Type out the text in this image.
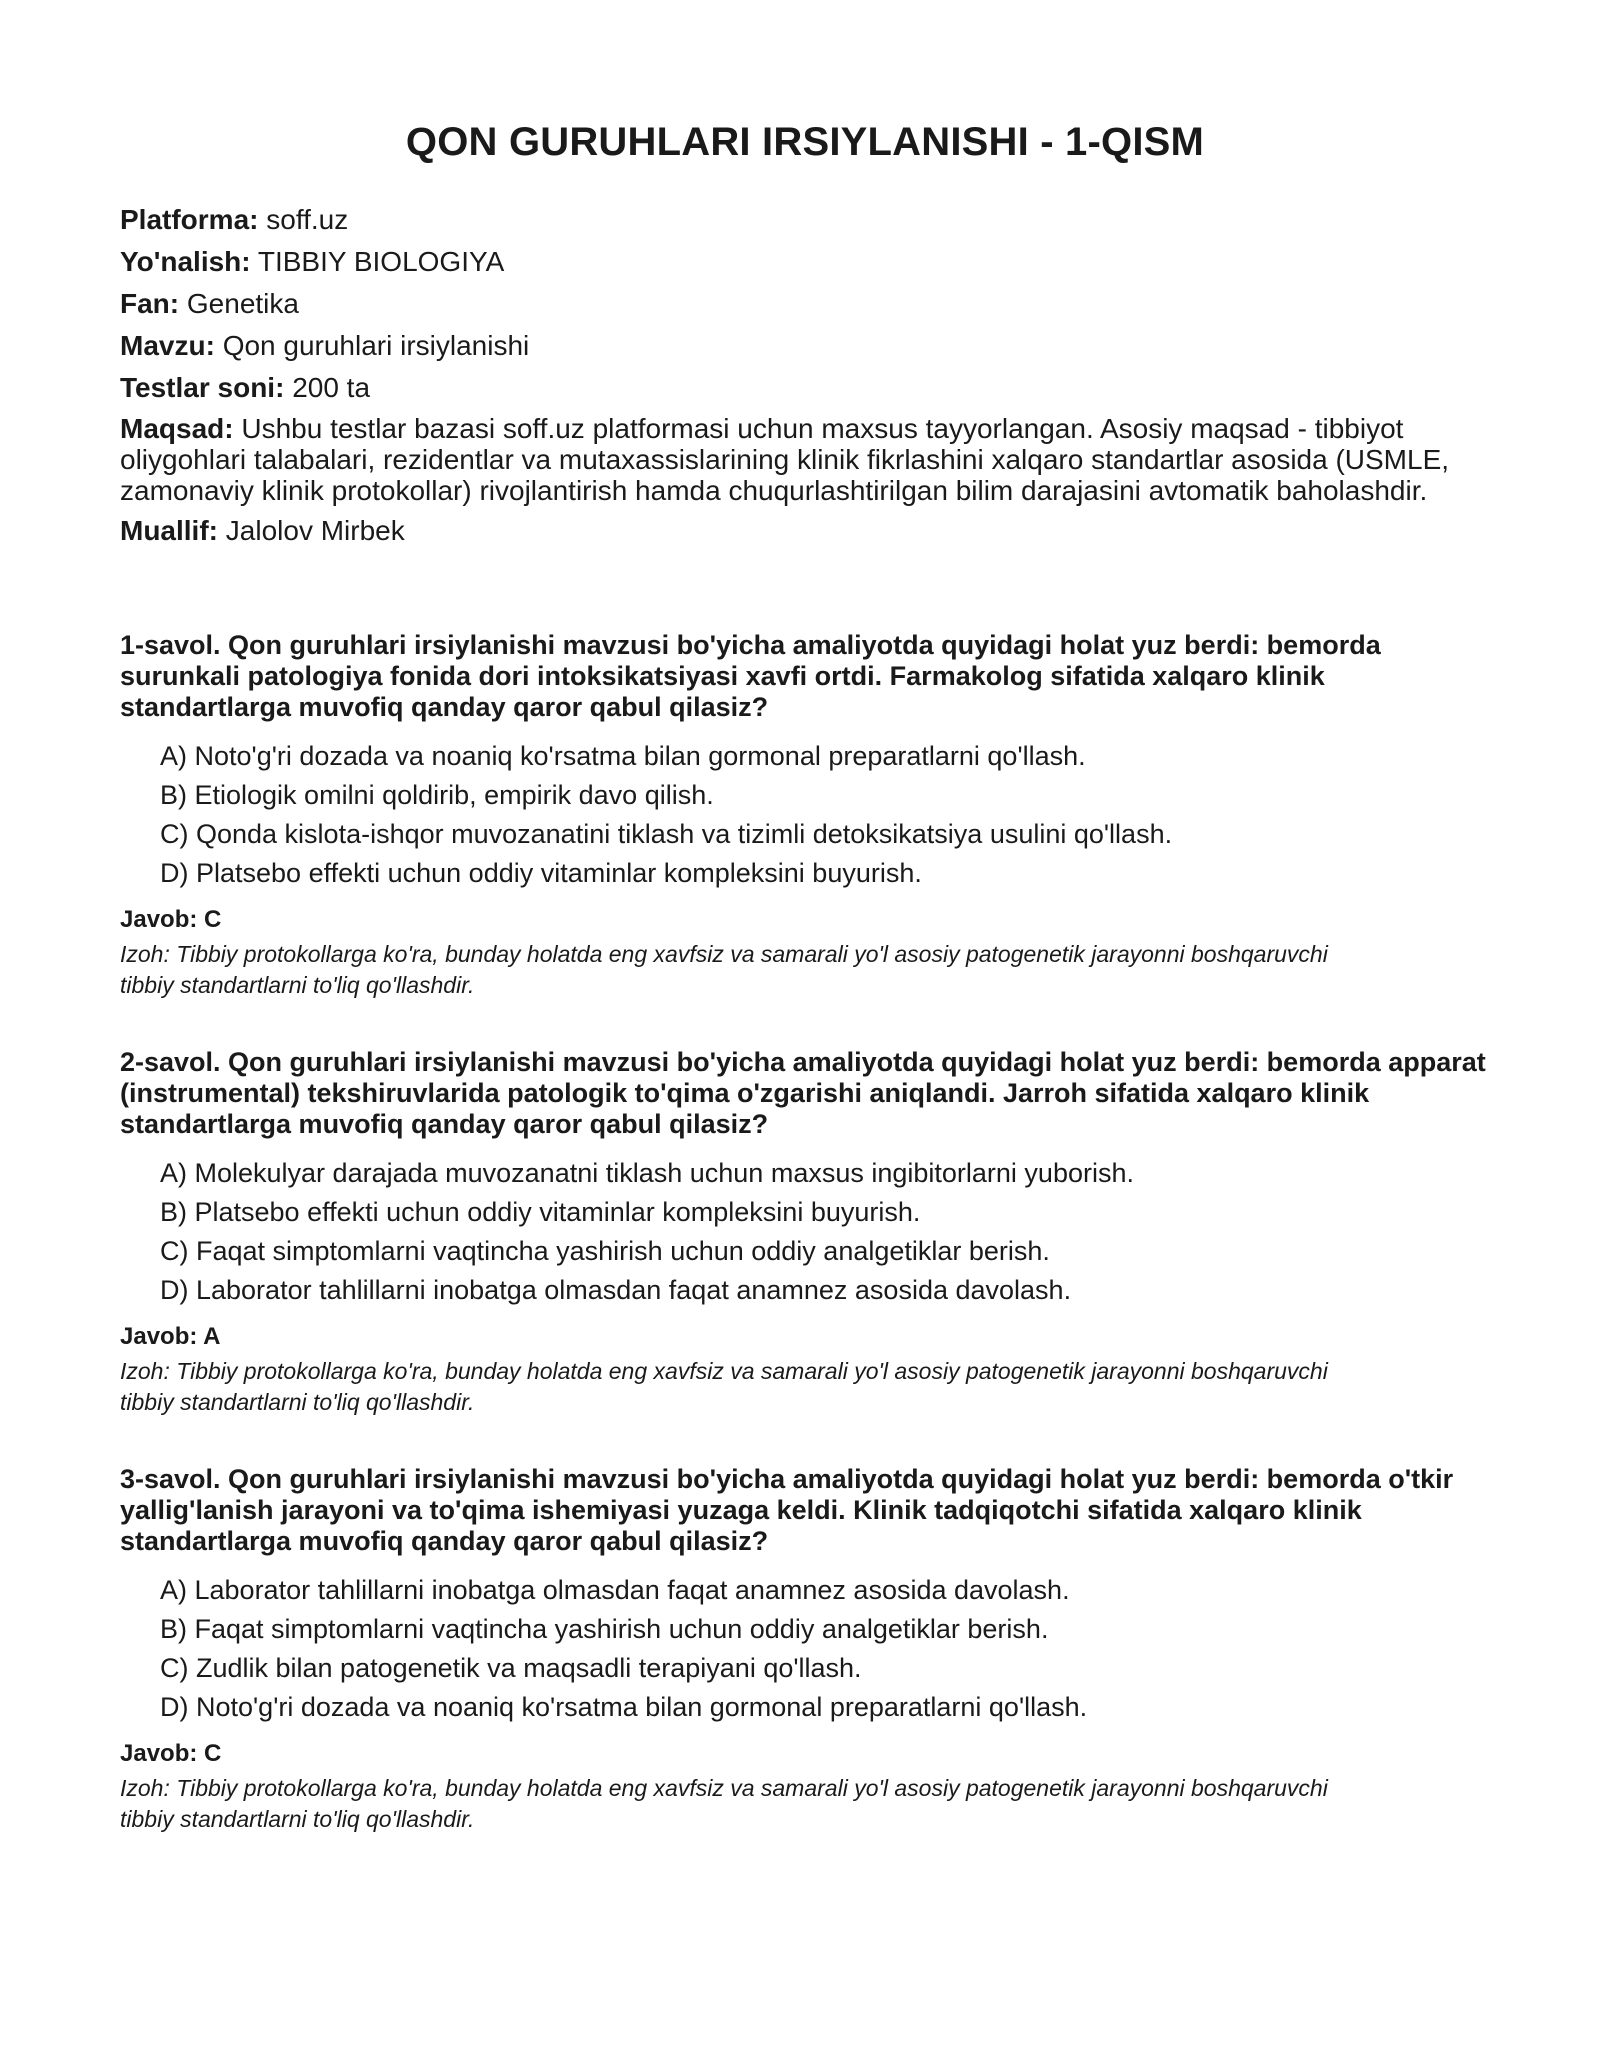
QON GURUHLARI IRSIYLANISHI - 1-QISM

Platforma: soff.uz

Yo'nalish: TIBBIY BIOLOGIYA

Fan: Genetika

Mavzu: Qon guruhlari irsiylanishi

Testlar soni: 200 ta

Maqsad: Ushbu testlar bazasi soff.uz platformasi uchun maxsus tayyorlangan. Asosiy maqsad - tibbiyot oliygohlari talabalari, rezidentlar va mutaxassislarining klinik fikrlashini xalqaro standartlar asosida (USMLE, zamonaviy klinik protokollar) rivojlantirish hamda chuqurlashtirilgan bilim darajasini avtomatik baholashdir.

Muallif: Jalolov Mirbek

1-savol. Qon guruhlari irsiylanishi mavzusi bo'yicha amaliyotda quyidagi holat yuz berdi: bemorda surunkali patologiya fonida dori intoksikatsiyasi xavfi ortdi. Farmakolog sifatida xalqaro klinik standartlarga muvofiq qanday qaror qabul qilasiz?

A) Noto'g'ri dozada va noaniq ko'rsatma bilan gormonal preparatlarni qo'llash.
B) Etiologik omilni qoldirib, empirik davo qilish.
C) Qonda kislota-ishqor muvozanatini tiklash va tizimli detoksikatsiya usulini qo'llash.
D) Platsebo effekti uchun oddiy vitaminlar kompleksini buyurish.

Javob: C

Izoh: Tibbiy protokollarga ko'ra, bunday holatda eng xavfsiz va samarali yo'l asosiy patogenetik jarayonni boshqaruvchi tibbiy standartlarni to'liq qo'llashdir.

2-savol. Qon guruhlari irsiylanishi mavzusi bo'yicha amaliyotda quyidagi holat yuz berdi: bemorda apparat (instrumental) tekshiruvlarida patologik to'qima o'zgarishi aniqlandi. Jarroh sifatida xalqaro klinik standartlarga muvofiq qanday qaror qabul qilasiz?

A) Molekulyar darajada muvozanatni tiklash uchun maxsus ingibitorlarni yuborish.
B) Platsebo effekti uchun oddiy vitaminlar kompleksini buyurish.
C) Faqat simptomlarni vaqtincha yashirish uchun oddiy analgetiklar berish.
D) Laborator tahlillarni inobatga olmasdan faqat anamnez asosida davolash.

Javob: A

Izoh: Tibbiy protokollarga ko'ra, bunday holatda eng xavfsiz va samarali yo'l asosiy patogenetik jarayonni boshqaruvchi tibbiy standartlarni to'liq qo'llashdir.

3-savol. Qon guruhlari irsiylanishi mavzusi bo'yicha amaliyotda quyidagi holat yuz berdi: bemorda o'tkir yallig'lanish jarayoni va to'qima ishemiyasi yuzaga keldi. Klinik tadqiqotchi sifatida xalqaro klinik standartlarga muvofiq qanday qaror qabul qilasiz?

A) Laborator tahlillarni inobatga olmasdan faqat anamnez asosida davolash.
B) Faqat simptomlarni vaqtincha yashirish uchun oddiy analgetiklar berish.
C) Zudlik bilan patogenetik va maqsadli terapiyani qo'llash.
D) Noto'g'ri dozada va noaniq ko'rsatma bilan gormonal preparatlarni qo'llash.

Javob: C

Izoh: Tibbiy protokollarga ko'ra, bunday holatda eng xavfsiz va samarali yo'l asosiy patogenetik jarayonni boshqaruvchi tibbiy standartlarni to'liq qo'llashdir.
